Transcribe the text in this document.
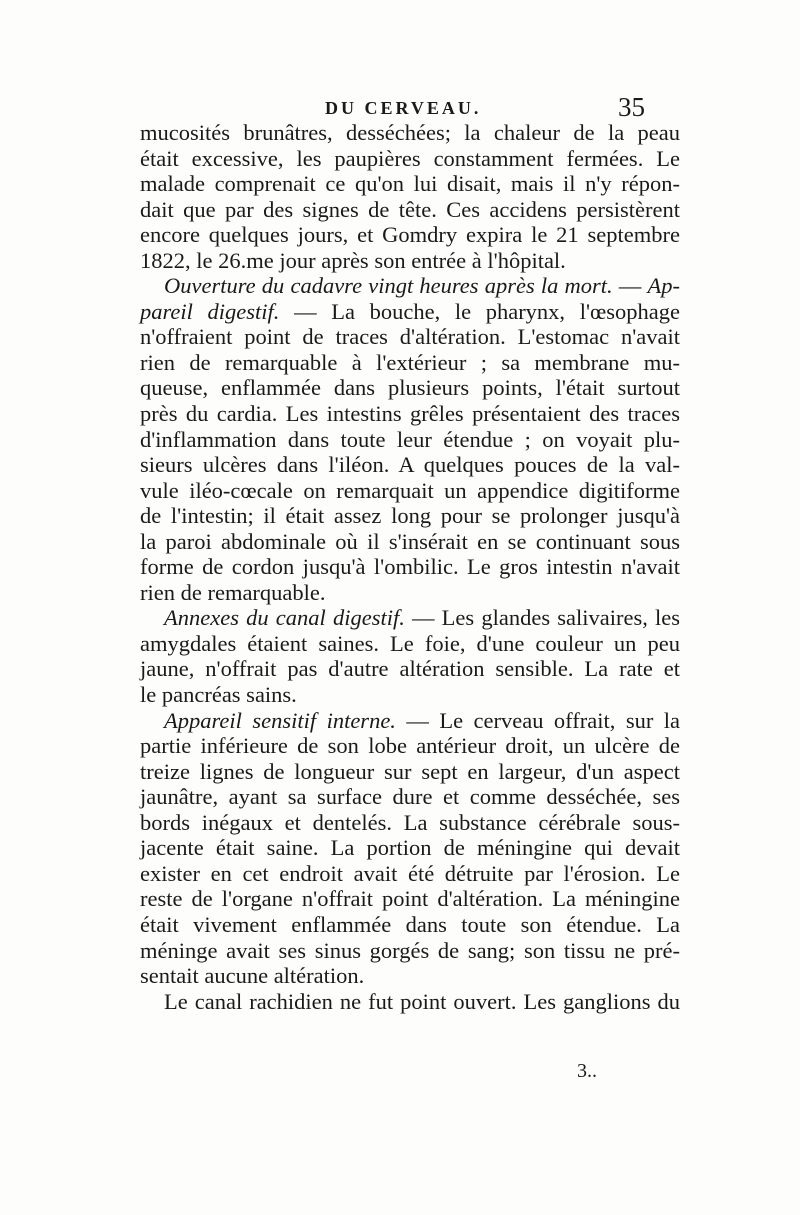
DU CERVEAU.	35
mucosités brunâtres, desséchées; la chaleur de la peau
était excessive, les paupières constamment fermées. Le
malade comprenait ce qu'on lui disait, mais il n'y répon-
dait que par des signes de tête. Ces accidens persistèrent
encore quelques jours, et Gomdry expira le 21 septembre
1822, le 26.me jour après son entrée à l'hôpital.
Ouverture du cadavre vingt heures après la mort. — Ap-
pareil digestif. — La bouche, le pharynx, l'œsophage
n'offraient point de traces d'altération. L'estomac n'avait
rien de remarquable à l'extérieur ; sa membrane mu-
queuse, enflammée dans plusieurs points, l'était surtout
près du cardia. Les intestins grêles présentaient des traces
d'inflammation dans toute leur étendue ; on voyait plu-
sieurs ulcères dans l'iléon. A quelques pouces de la val-
vule iléo-cœcale on remarquait un appendice digitiforme
de l'intestin; il était assez long pour se prolonger jusqu'à
la paroi abdominale où il s'insérait en se continuant sous
forme de cordon jusqu'à l'ombilic. Le gros intestin n'avait
rien de remarquable.
Annexes du canal digestif. — Les glandes salivaires, les
amygdales étaient saines. Le foie, d'une couleur un peu
jaune, n'offrait pas d'autre altération sensible. La rate et
le pancréas sains.
Appareil sensitif interne. — Le cerveau offrait, sur la
partie inférieure de son lobe antérieur droit, un ulcère de
treize lignes de longueur sur sept en largeur, d'un aspect
jaunâtre, ayant sa surface dure et comme desséchée, ses
bords inégaux et dentelés. La substance cérébrale sous-
jacente était saine. La portion de méningine qui devait
exister en cet endroit avait été détruite par l'érosion. Le
reste de l'organe n'offrait point d'altération. La méningine
était vivement enflammée dans toute son étendue. La
méninge avait ses sinus gorgés de sang; son tissu ne pré-
sentait aucune altération.
Le canal rachidien ne fut point ouvert. Les ganglions du
3..
